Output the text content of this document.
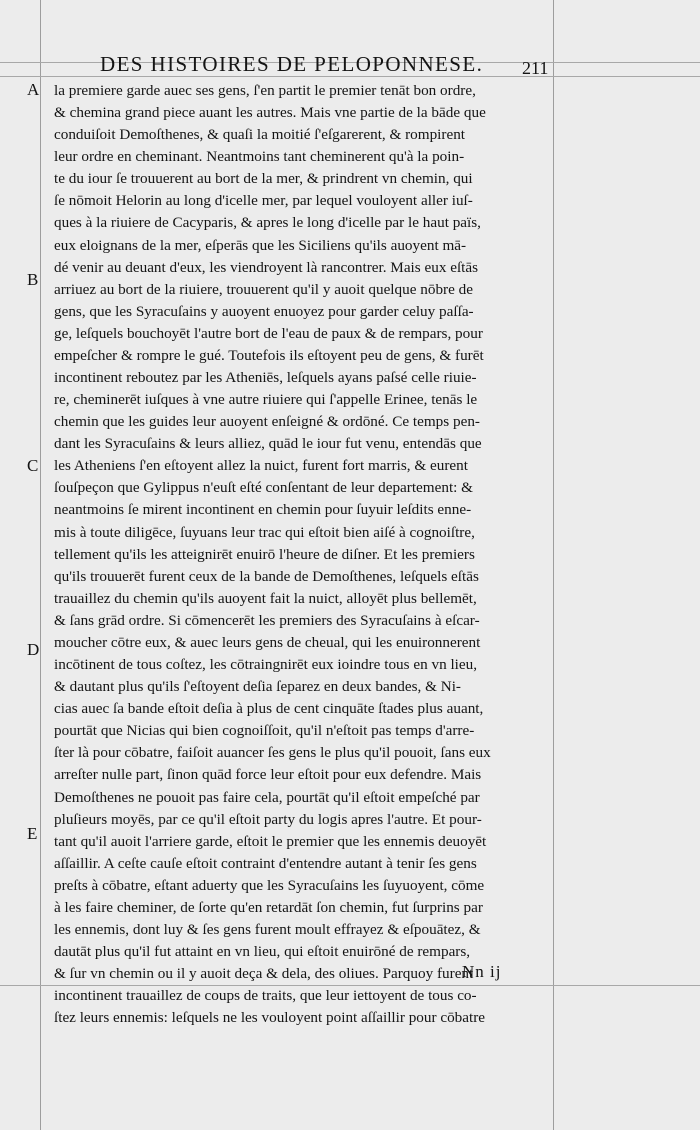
DES HISTOIRES DE PELOPONNESE. 211
A
B
C
D
E
la premiere garde auec ses gens, ſ'en partit le premier tenāt bon ordre,
& chemina grand piece auant les autres. Mais vne partie de la bāde que
conduiſoit Demoſthenes, & quaſi la moitié ſ'eſgarerent, & rompirent
leur ordre en cheminant. Neantmoins tant cheminerent qu'à la poin-
te du iour ſe trouuerent au bort de la mer, & prindrent vn chemin, qui
ſe nōmoit Helorin au long d'icelle mer, par lequel vouloyent aller iuſ-
ques à la riuiere de Cacyparis, & apres le long d'icelle par le haut païs,
eux eloignans de la mer, eſperās que les Siciliens qu'ils auoyent mā-
dé venir au deuant d'eux, les viendroyent là rancontrer. Mais eux eſtās
arriuez au bort de la riuiere, trouuerent qu'il y auoit quelque nōbre de
gens, que les Syracuſains y auoyent enuoyez pour garder celuy paſſa-
ge, leſquels bouchoyēt l'autre bort de l'eau de paux & de rempars, pour
empeſcher & rompre le gué. Toutefois ils eſtoyent peu de gens, & furēt
incontinent reboutez par les Atheniēs, leſquels ayans paſsé celle riuie-
re, cheminerēt iuſques à vne autre riuiere qui ſ'appelle Erinee, tenās le
chemin que les guides leur auoyent enſeigné & ordōné. Ce temps pen-
dant les Syracuſains & leurs alliez, quād le iour fut venu, entendās que
les Atheniens ſ'en eſtoyent allez la nuict, furent fort marris, & eurent
ſouſpeçon que Gylippus n'euſt eſté conſentant de leur departement: &
neantmoins ſe mirent incontinent en chemin pour ſuyuir leſdits enne-
mis à toute diligēce, ſuyuans leur trac qui eſtoit bien aiſé à cognoiſtre,
tellement qu'ils les atteignirēt enuirō l'heure de diſner. Et les premiers
qu'ils trouuerēt furent ceux de la bande de Demoſthenes, leſquels eſtās
trauaillez du chemin qu'ils auoyent fait la nuict, alloyēt plus bellemēt,
& ſans grād ordre. Si cōmencerēt les premiers des Syracuſains à eſcar-
moucher cōtre eux, & auec leurs gens de cheual, qui les enuironnerent
incōtinent de tous coſtez, les cōtraingnirēt eux ioindre tous en vn lieu,
& dautant plus qu'ils ſ'eſtoyent deſia ſeparez en deux bandes, & Ni-
cias auec ſa bande eſtoit deſia à plus de cent cinquāte ſtades plus auant,
pourtāt que Nicias qui bien cognoiſſoit, qu'il n'eſtoit pas temps d'arre-
ſter là pour cōbatre, faiſoit auancer ſes gens le plus qu'il pouoit, ſans eux
arreſter nulle part, ſinon quād force leur eſtoit pour eux defendre. Mais
Demoſthenes ne pouoit pas faire cela, pourtāt qu'il eſtoit empeſché par
pluſieurs moyēs, par ce qu'il eſtoit party du logis apres l'autre. Et pour-
tant qu'il auoit l'arriere garde, eſtoit le premier que les ennemis deuoyēt
aſſaillir. A ceſte cauſe eſtoit contraint d'entendre autant à tenir ſes gens
preſts à cōbatre, eſtant aduerty que les Syracuſains les ſuyuoyent, cōme
à les faire cheminer, de ſorte qu'en retardāt ſon chemin, fut ſurprins par
les ennemis, dont luy & ſes gens furent moult effrayez & eſpouātez, &
dautāt plus qu'il fut attaint en vn lieu, qui eſtoit enuirōné de rempars,
& ſur vn chemin ou il y auoit deça & dela, des oliues. Parquoy furent
incontinent trauaillez de coups de traits, que leur iettoyent de tous co-
ſtez leurs ennemis: leſquels ne les vouloyent point aſſaillir pour cōbatre
Nn ij
